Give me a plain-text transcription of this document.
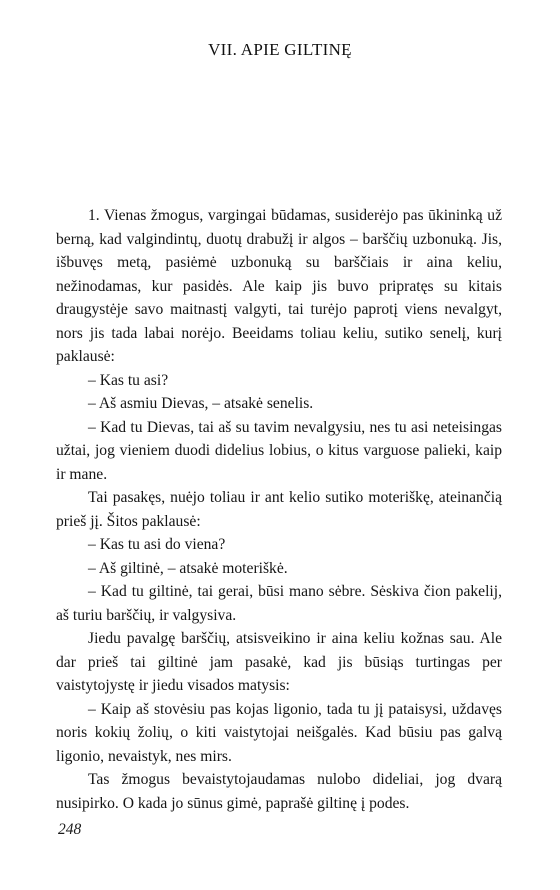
VII. APIE GILTINĘ

1. Vienas žmogus, vargingai būdamas, susiderėjo pas ūkininką už berną, kad valgindintų, duotų drabužį ir algos – barščių uzbonuką. Jis, išbuvęs metą, pasiėmė uzbonuką su barščiais ir aina keliu, nežinodamas, kur pasidės. Ale kaip jis buvo pripratęs su kitais draugystėje savo maitnastį valgyti, tai turėjo paprotį viens nevalgyt, nors jis tada labai norėjo. Beeidams toliau keliu, sutiko senelį, kurį paklausė:

– Kas tu asi?

– Aš asmiu Dievas, – atsakė senelis.

– Kad tu Dievas, tai aš su tavim nevalgysiu, nes tu asi neteisingas užtai, jog vieniem duodi didelius lobius, o kitus varguose palieki, kaip ir mane.

Tai pasakęs, nuėjo toliau ir ant kelio sutiko moteriškę, ateinančią prieš jį. Šitos paklausė:

– Kas tu asi do viena?

– Aš giltinė, – atsakė moteriškė.

– Kad tu giltinė, tai gerai, būsi mano sėbre. Sėskiva čion pakelij, aš turiu barščių, ir valgysiva.

Jiedu pavalgę barščių, atsisveikino ir aina keliu kožnas sau. Ale dar prieš tai giltinė jam pasakė, kad jis būsiąs turtingas per vaistytojystę ir jiedu visados matysis:

– Kaip aš stovėsiu pas kojas ligonio, tada tu jį pataisysi, uždavęs noris kokių žolių, o kiti vaistytojai neišgalės. Kad būsiu pas galvą ligonio, nevaistyk, nes mirs.

Tas žmogus bevaistytojaudamas nulobo dideliai, jog dvarą nusipirko. O kada jo sūnus gimė, paprašė giltinę į podes.

248
